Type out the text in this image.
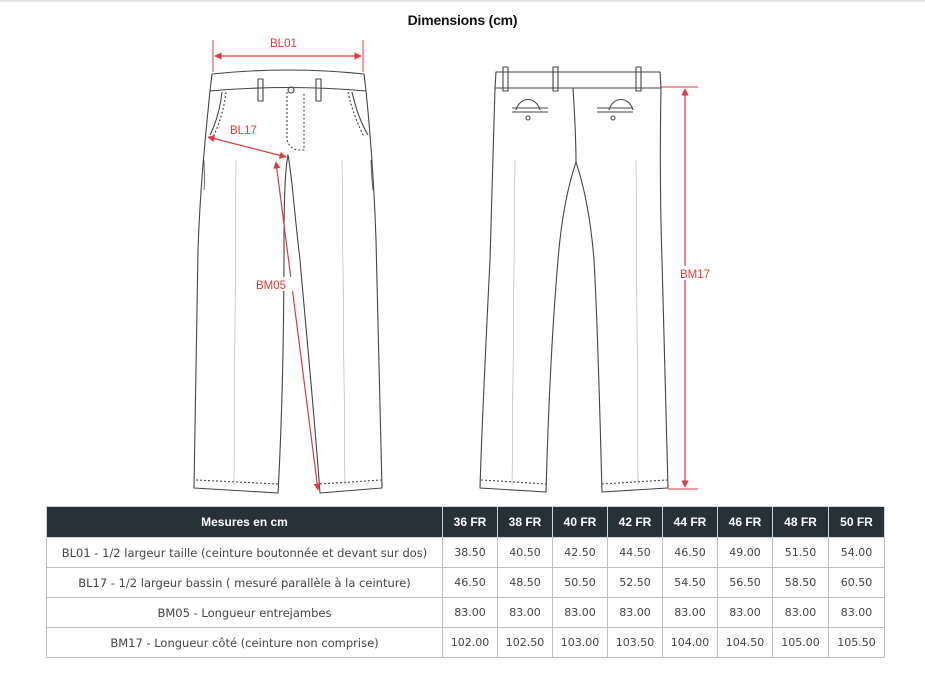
Dimensions (cm)
BL01
BL17
BM05
BM17
Mesures en cm	36 FR	38 FR	40 FR	42 FR	44 FR	46 FR	48 FR	50 FR
BL01 - 1/2 largeur taille (ceinture boutonnée et devant sur dos)	38.50	40.50	42.50	44.50	46.50	49.00	51.50	54.00
BL17 - 1/2 largeur bassin ( mesuré parallèle à la ceinture)	46.50	48.50	50.50	52.50	54.50	56.50	58.50	60.50
BM05 - Longueur entrejambes	83.00	83.00	83.00	83.00	83.00	83.00	83.00	83.00
BM17 - Longueur côté (ceinture non comprise)	102.00	102.50	103.00	103.50	104.00	104.50	105.00	105.50
